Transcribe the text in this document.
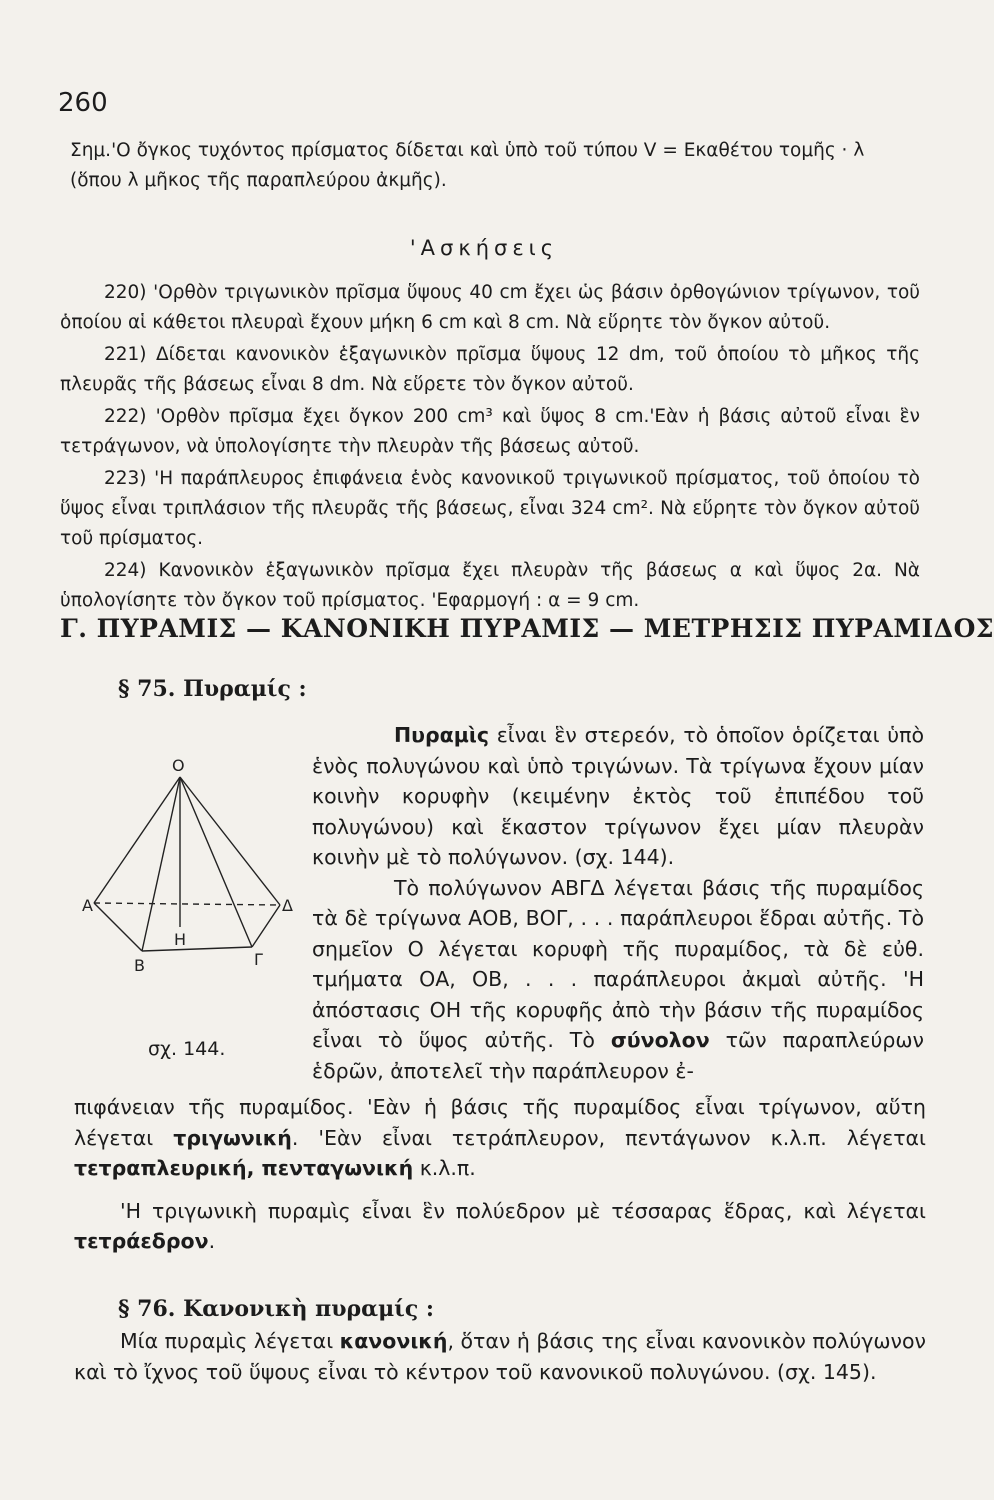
260
Σημ.'Ο ὄγκος τυχόντος πρίσματος δίδεται καὶ ὑπὸ τοῦ τύπου V = Εκαθέτου τομῆς · λ (ὅπου λ μῆκος τῆς παραπλεύρου ἀκμῆς).
'Ασκήσεις

220) 'Ορθὸν τριγωνικὸν πρῖσμα ὕψους 40 cm ἔχει ὡς βάσιν ὀρθογώνιον τρίγωνον, τοῦ ὁποίου αἱ κάθετοι πλευραὶ ἔχουν μήκη 6 cm καὶ 8 cm. Νὰ εὕρητε τὸν ὄγκον αὐτοῦ.

221) Δίδεται κανονικὸν ἑξαγωνικὸν πρῖσμα ὕψους 12 dm, τοῦ ὁποίου τὸ μῆκος τῆς πλευρᾶς τῆς βάσεως εἶναι 8 dm. Νὰ εὕρετε τὸν ὄγκον αὐτοῦ.

222) 'Ορθὸν πρῖσμα ἔχει ὄγκον 200 cm³ καὶ ὕψος 8 cm.'Εὰν ἡ βάσις αὐτοῦ εἶναι ἓν τετράγωνον, νὰ ὑπολογίσητε τὴν πλευρὰν τῆς βάσεως αὐτοῦ.

223) 'Η παράπλευρος ἐπιφάνεια ἑνὸς κανονικοῦ τριγωνικοῦ πρίσματος, τοῦ ὁποίου τὸ ὕψος εἶναι τριπλάσιον τῆς πλευρᾶς τῆς βάσεως, εἶναι 324 cm². Νὰ εὕρητε τὸν ὄγκον αὐτοῦ τοῦ πρίσματος.

224) Κανονικὸν ἑξαγωνικὸν πρῖσμα ἔχει πλευρὰν τῆς βάσεως α καὶ ὕψος 2α. Νὰ ὑπολογίσητε τὸν ὄγκον τοῦ πρίσματος. 'Εφαρμογή : α = 9 cm.

Γ. ΠΥΡΑΜΙΣ — ΚΑΝΟΝΙΚΗ ΠΥΡΑΜΙΣ — ΜΕΤΡΗΣΙΣ ΠΥΡΑΜΙΔΟΣ
§ 75. Πυραμίς :
O
Α
Β	Γ
Δ
Η
σχ. 144.

Πυραμὶς εἶναι ἓν στερεόν, τὸ ὁποῖον ὁρίζεται ὑπὸ ἑνὸς πολυγώνου καὶ ὑπὸ τριγώνων. Τὰ τρίγωνα ἔχουν μίαν κοινὴν κορυφὴν (κειμένην ἐκτὸς τοῦ ἐπιπέδου τοῦ πολυγώνου) καὶ ἕκαστον τρίγωνον ἔχει μίαν πλευρὰν κοινὴν μὲ τὸ πολύγωνον. (σχ. 144).

Τὸ πολύγωνον ΑΒΓΔ λέγεται βάσις τῆς πυραμίδος τὰ δὲ τρίγωνα ΑΟΒ, ΒΟΓ, . . . παράπλευροι ἕδραι αὐτῆς. Τὸ σημεῖον Ο λέγεται κορυφὴ τῆς πυραμίδος, τὰ δὲ εὐθ. τμήματα ΟΑ, ΟΒ, . . . παράπλευροι ἀκμαὶ αὐτῆς. 'Η ἀπόστασις ΟΗ τῆς κορυφῆς ἀπὸ τὴν βάσιν τῆς πυραμίδος εἶναι τὸ ὕψος αὐτῆς. Τὸ σύνολον τῶν παραπλεύρων ἑδρῶν, ἀποτελεῖ τὴν παράπλευρον ἐ-

πιφάνειαν τῆς πυραμίδος. 'Εὰν ἡ βάσις τῆς πυραμίδος εἶναι τρίγωνον, αὕτη λέγεται τριγωνική. 'Εὰν εἶναι τετράπλευρον, πεντάγωνον κ.λ.π. λέγεται τετραπλευρική, πενταγωνική κ.λ.π.

'Η τριγωνικὴ πυραμὶς εἶναι ἓν πολύεδρον μὲ τέσσαρας ἕδρας, καὶ λέγεται τετράεδρον.

§ 76. Κανονικὴ πυραμίς :

Μία πυραμὶς λέγεται κανονική, ὅταν ἡ βάσις της εἶναι κανονικὸν πολύγωνον καὶ τὸ ἴχνος τοῦ ὕψους εἶναι τὸ κέντρον τοῦ κανονικοῦ πολυγώνου. (σχ. 145).
